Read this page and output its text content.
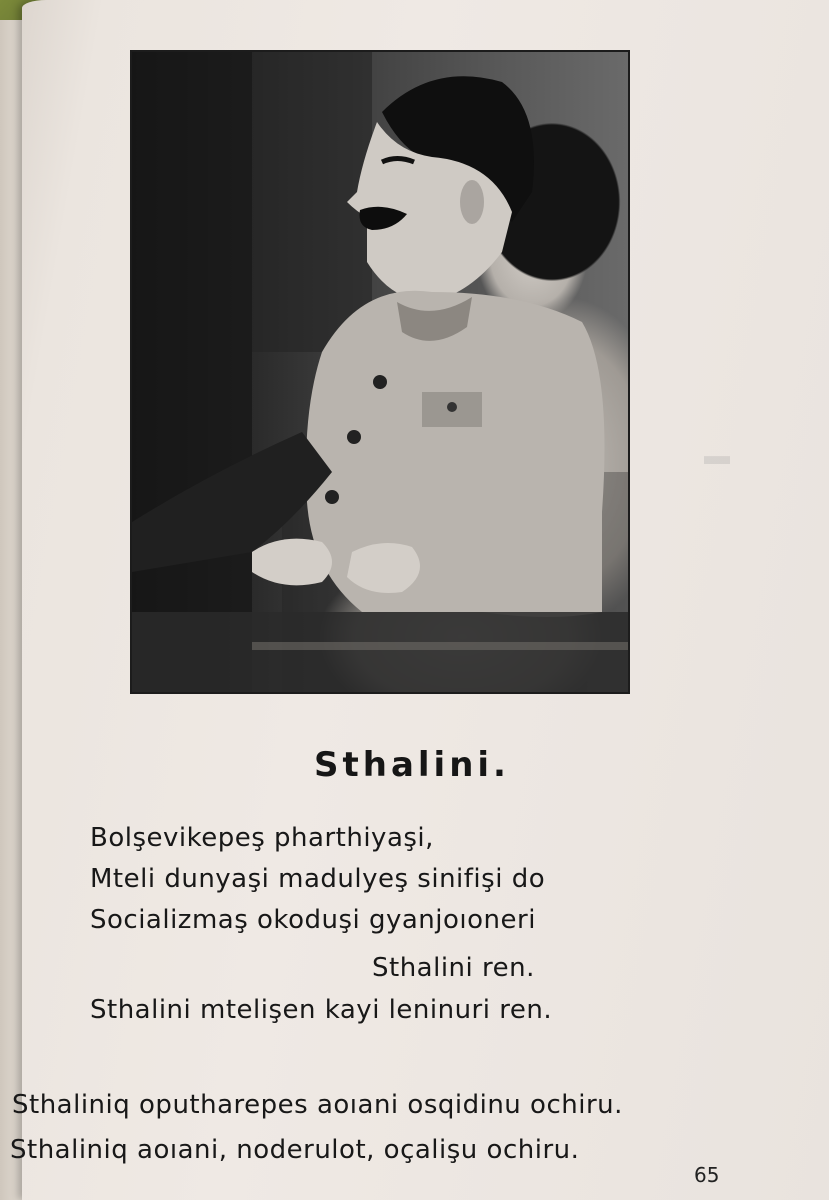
▬
Sthalini.
Bolşevikepeş pharthiyaşi,
Mteli dunyaşi madulyeş sinifişi do
Socializmaş okoduşi gyanjoıoneri
Sthalini ren.
Sthalini mtelişen kayi leninuri ren.
Sthaliniq oputharepes aoıani osqidinu ochiru.
Sthaliniq aoıani, noderulot, oçalişu ochiru.
65
